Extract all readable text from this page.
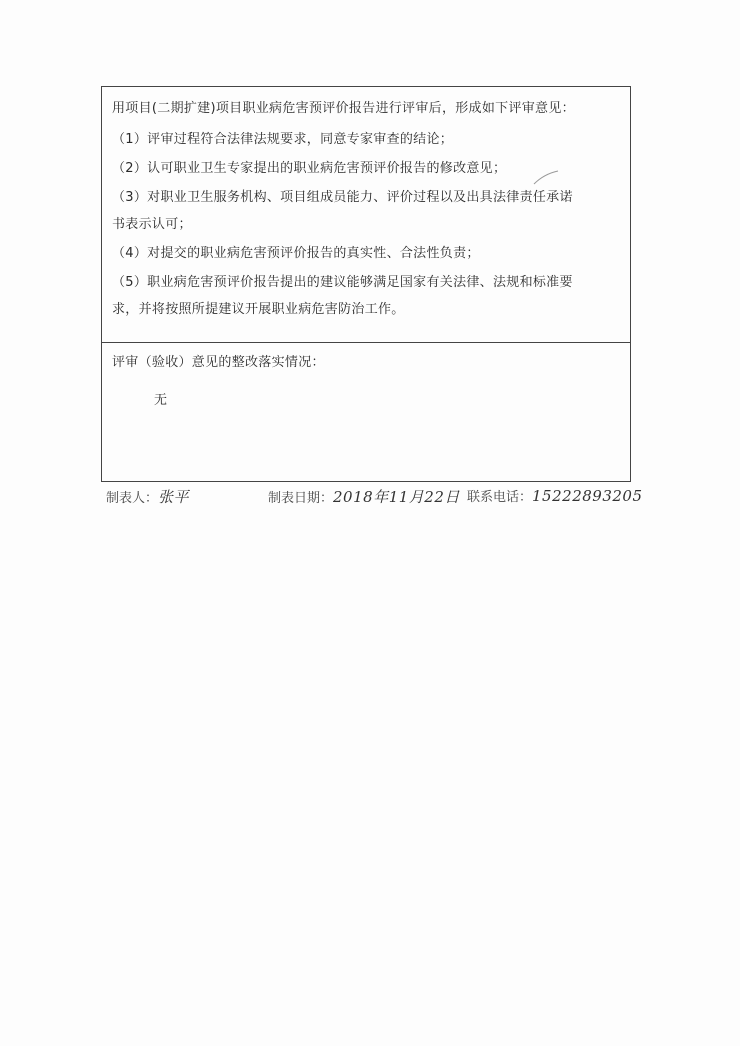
用项目(二期扩建)项目职业病危害预评价报告进行评审后，形成如下评审意见：
（1）评审过程符合法律法规要求，同意专家审查的结论；
（2）认可职业卫生专家提出的职业病危害预评价报告的修改意见；
（3）对职业卫生服务机构、项目组成员能力、评价过程以及出具法律责任承诺
书表示认可；
（4）对提交的职业病危害预评价报告的真实性、合法性负责；
（5）职业病危害预评价报告提出的建议能够满足国家有关法律、法规和标准要
求，并将按照所提建议开展职业病危害防治工作。
评审（验收）意见的整改落实情况：
无
制表人：张平	制表日期：2018年11月22日 联系电话：15222893205
